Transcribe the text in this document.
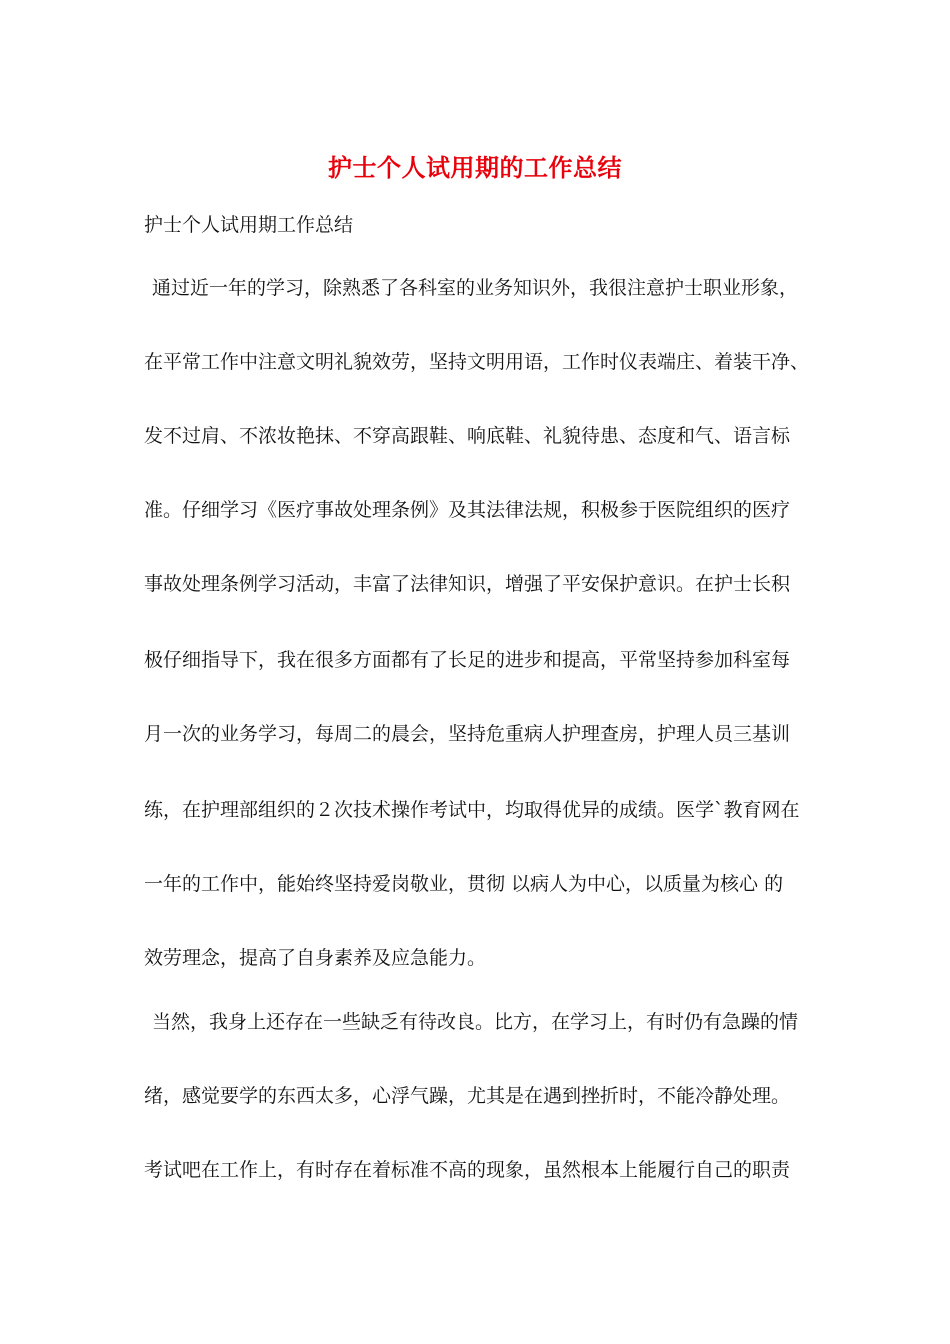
护士个人试用期的工作总结

护士个人试用期工作总结

通过近一年的学习，除熟悉了各科室的业务知识外，我很注意护士职业形象，

在平常工作中注意文明礼貌效劳，坚持文明用语，工作时仪表端庄、着装干净、

发不过肩、不浓妆艳抹、不穿高跟鞋、响底鞋、礼貌待患、态度和气、语言标

准。仔细学习《医疗事故处理条例》及其法律法规，积极参于医院组织的医疗

事故处理条例学习活动，丰富了法律知识，增强了平安保护意识。在护士长积

极仔细指导下，我在很多方面都有了长足的进步和提高，平常坚持参加科室每

月一次的业务学习，每周二的晨会，坚持危重病人护理查房，护理人员三基训

练，在护理部组织的２次技术操作考试中，均取得优异的成绩。医学`教育网在

一年的工作中，能始终坚持爱岗敬业，贯彻 以病人为中心，以质量为核心 的

效劳理念，提高了自身素养及应急能力。

当然，我身上还存在一些缺乏有待改良。比方，在学习上，有时仍有急躁的情

绪，感觉要学的东西太多，心浮气躁，尤其是在遇到挫折时，不能冷静处理。

考试吧在工作上，有时存在着标准不高的现象，虽然根本上能履行自己的职责
